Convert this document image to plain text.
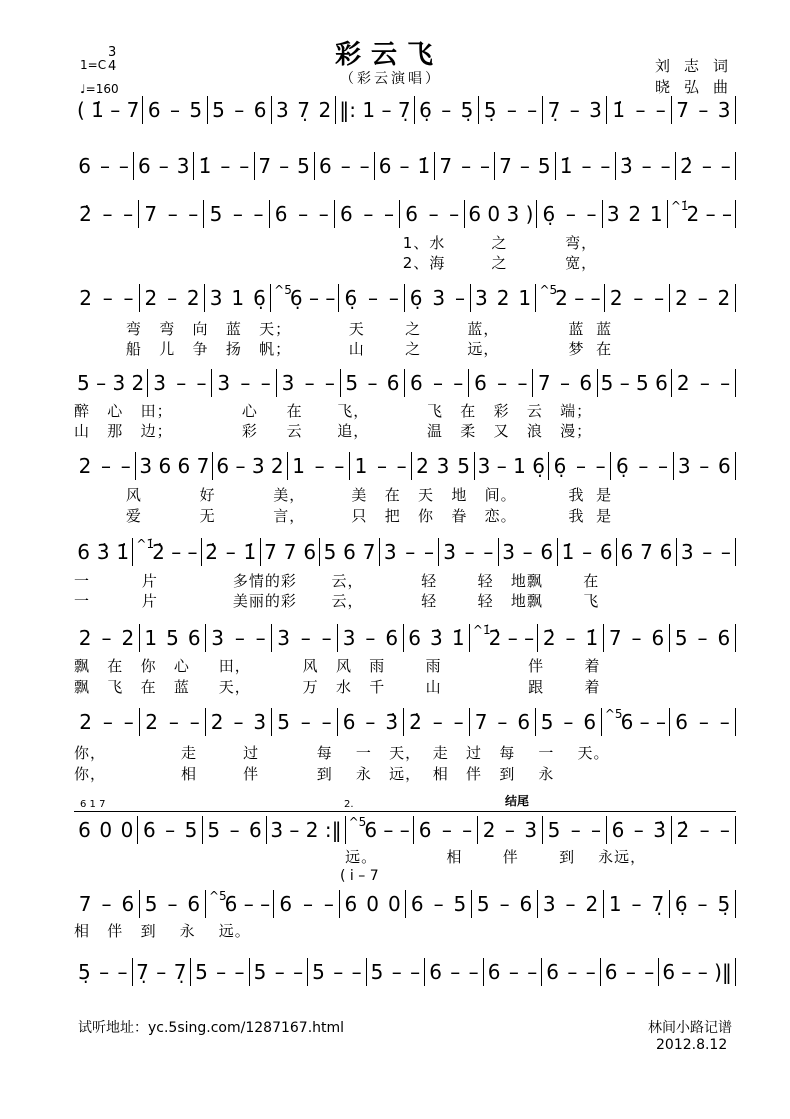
彩云飞
（彩云演唱）
刘志词
晓弘曲
1=C
3
4
♩=160
( 1̇ – 7 6 – 5 5 – 6 3 7̣ 2 ‖: 1 – 7̣ 6̣ – 5̣ 5̣ – – 7̣ – 3 1̇ – – 7 – 3
6 – – 6 – 3 1̇ – – 7 – 5 6 – – 6 – 1̇ 7 – – 7 – 5 1̇ – – 3̇ – – 2̇ – –
2̇ – – 7 – – 5 – – 6 – – 6 – – 6 – – 6 0 3 ) 6̣ – – 3 2 1 ^1̇
2 – –
2 – – 2 – 2 3 1 6̣ ^5
6̣ – – 6̣ – – 6̣ 3 – 3 2 1 ^5
2 – – 2 – – 2 – 2
5 – 3 2 3 – – 3 – – 3 – – 5 – 6 6 – – 6 – – 7 – 6 5 – 5 6 2 – –
2 – – 3 6 6 7 6 – 3 2 1 – – 1 – – 2 3 5 3 – 1 6̣ 6̣ – – 6̣ – – 3 – 6
6 3̇ 1̇ ^1̇
2̇ – – 2̇ – 1̇ 7 7 6 5 6 7 3 – – 3 – – 3 – 6 1̇ – 6 6 7 6 3 – –
2 – 2 1 5 6 3 – – 3 – – 3 – 6 6 3̇ 1̇ ^1̇
2̇ – – 2̇ – 1̇ 7 – 6 5 – 6
2 – – 2 – – 2 – 3 5 – – 6 – 3̇ 2̇ – – 7 – 6 5 – 6 ^5
6 – – 6 – –
6 0 0 6 – 5 5 – 6 3 – 2 :‖ ^5
6 – – 6 – – 2 – 3 5 – – 6 – 3̇ 2̇ – –
7 – 6 5 – 6 ^5
6 – – 6 – – 6 0 0 6 – 5 5 – 6 3 – 2 1 – 7̣ 6̣ – 5̣
5̣ – – 7̣ – 7̣ 5 – – 5 – – 5 – – 5 – – 6 – – 6 – – 6 – – 6 – – 6 – – )‖
1、水        之          弯，
2、海        之          宽，
弯   弯   向   蓝   天；          天       之        蓝，            蓝  蓝
船   儿   争   扬   帆；          山       之        远，            梦  在
醉   心   田；            心     在      飞，          飞   在   彩   云   端；
山   那   边；            彩     云      追，          温   柔   又   浪   漫；
风          好          美，        美   在   天   地   间。         我  是
爱          无          言，        只   把   你   眷   恋。         我  是
一         片             多情的彩      云，          轻       轻   地飘       在
一         片             美丽的彩      云，          轻       轻   地飘       飞
飘   在   你   心     田，         风   风   雨       雨               伴       着
飘   飞   在   蓝     天，         万   水   千       山               跟       着
你，             走        过          每    一   天，  走   过   每    一    天。
你，             相        伴          到    永   远，  相   伴   到    永
远。            相       伴       到    永远，
相   伴   到    永    远。
6 1 7	2.	结尾
( i – 7
试听地址：yc.5sing.com/1287167.html	林间小路记谱
2012.8.12
